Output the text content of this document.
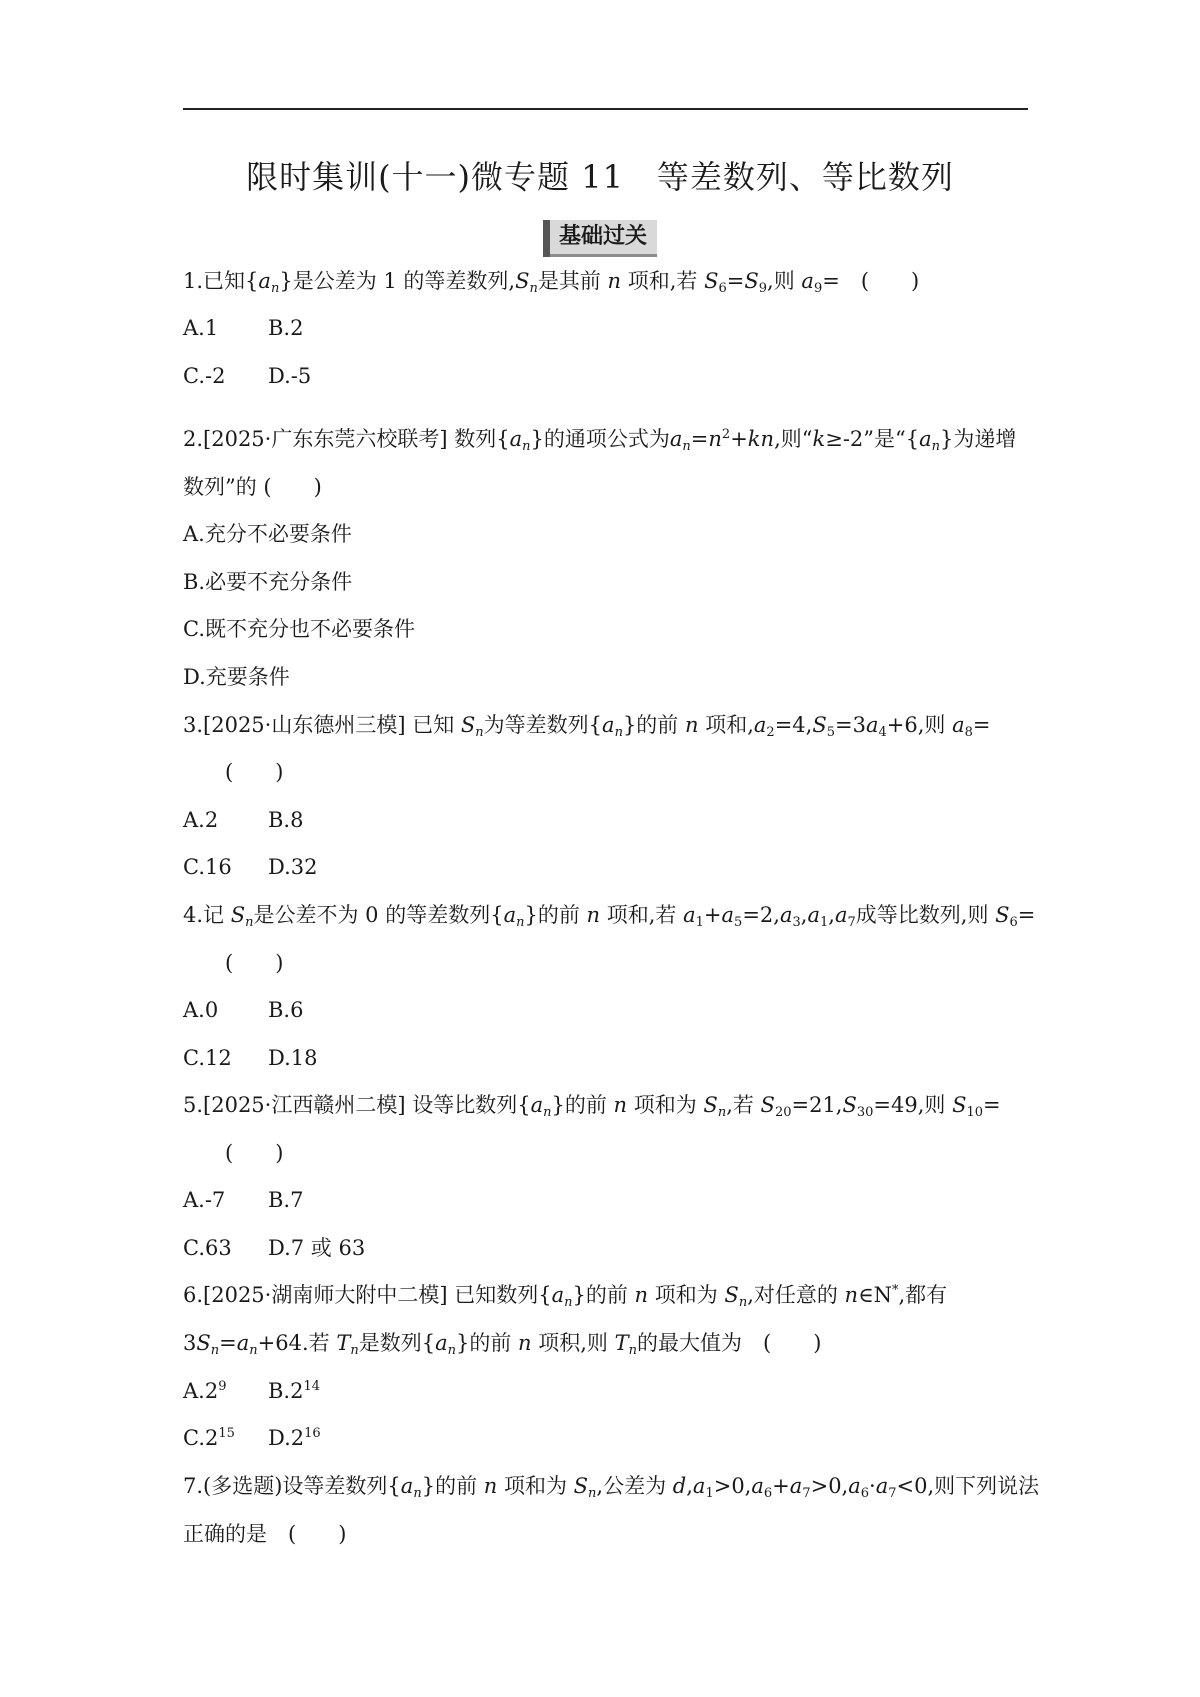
限时集训(十一)微专题 11　等差数列、等比数列
基础过关
1.已知$\{a_n\}$是公差为 1 的等差数列$,S_n$是其前 n 项和,若 $S_6=S_9$,则 $a_9=$　(　　)
A.1 B.2
C.-2 D.-5
2.[2025·广东东莞六校联考] 数列$\{a_n\}$的通项公式为$a_n=n^2+kn$,则“k≥-2”是“$\{a_n\}$为递增
数列”的 (　　)
A.充分不必要条件
B.必要不充分条件
C.既不充分也不必要条件
D.充要条件
3.[2025·山东德州三模] 已知 $S_n$为等差数列$\{a_n\}$的前 n 项和$,a_2=4,S_5=3a_4+6$,则 $a_8=$
(　　)
A.2 B.8
C.16 D.32
4.记 $S_n$是公差不为 0 的等差数列$\{a_n\}$的前 n 项和,若 $a_1+a_5=2,a_3,a_1,a_7$成等比数列,则 $S_6=$
(　　)
A.0 B.6
C.12 D.18
5.[2025·江西赣州二模] 设等比数列$\{a_n\}$的前 n 项和为 $S_n$,若 $S_{20}=21,S_{30}=49$,则 $S_{10}=$
(　　)
A.-7 B.7
C.63 D.7 或 63
6.[2025·湖南师大附中二模] 已知数列$\{a_n\}$的前 n 项和为 $S_n$,对任意的 n∈N*,都有
$3S_n=a_n+64$.若 $T_n$是数列$\{a_n\}$的前 n 项积,则 $T_n$的最大值为　(　　)
$A.2^9$ $B.2^{14}$
$C.2^{15}$ $D.2^{16}$
7.(多选题)设等差数列$\{a_n\}$的前 n 项和为 $S_n$,公差为 $d,a_1>0,a_6+a_7>0,a_6\cdot a_7<0$,则下列说法
正确的是　(　　)
